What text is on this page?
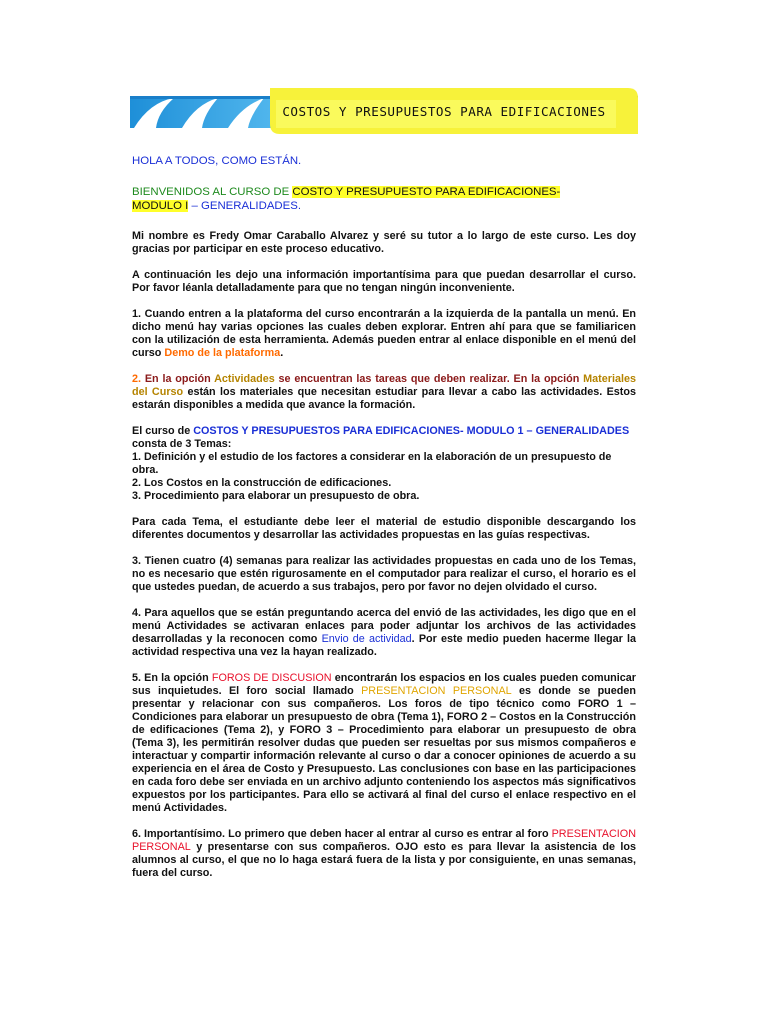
COSTOS Y PRESUPUESTOS PARA EDIFICACIONES

HOLA A TODOS, COMO ESTÁN.

BIENVENIDOS AL CURSO DE COSTO Y PRESUPUESTO PARA EDIFICACIONES-
MODULO I – GENERALIDADES.

Mi nombre es Fredy Omar Caraballo Alvarez y seré su tutor a lo largo de este curso. Les doy gracias por participar en este proceso educativo.

A continuación les dejo una información importantísima para que puedan desarrollar el curso. Por favor léanla detalladamente para que no tengan ningún inconveniente.

1. Cuando entren a la plataforma del curso encontrarán a la izquierda de la pantalla un menú. En dicho menú hay varias opciones las cuales deben explorar. Entren ahí para que se familiaricen con la utilización de esta herramienta. Además pueden entrar al enlace disponible en el menú del curso Demo de la plataforma.

2. En la opción Actividades se encuentran las tareas que deben realizar. En la opción Materiales del Curso están los materiales que necesitan estudiar para llevar a cabo las actividades. Estos estarán disponibles a medida que avance la formación.

El curso de COSTOS Y PRESUPUESTOS PARA EDIFICACIONES- MODULO 1 – GENERALIDADES consta de 3 Temas:
1. Definición y el estudio de los factores a considerar en la elaboración de un presupuesto de obra.
2. Los Costos en la construcción de edificaciones.
3. Procedimiento para elaborar un presupuesto de obra.

Para cada Tema, el estudiante debe leer el material de estudio disponible descargando los diferentes documentos y desarrollar las actividades propuestas en las guías respectivas.

3. Tienen cuatro (4) semanas para realizar las actividades propuestas en cada uno de los Temas, no es necesario que estén rigurosamente en el computador para realizar el curso, el horario es el que ustedes puedan, de acuerdo a sus trabajos, pero por favor no dejen olvidado el curso.

4. Para aquellos que se están preguntando acerca del envió de las actividades, les digo que en el menú Actividades se activaran enlaces para poder adjuntar los archivos de las actividades desarrolladas y la reconocen como Envio de actividad. Por este medio pueden hacerme llegar la actividad respectiva una vez la hayan realizado.

5. En la opción FOROS DE DISCUSION encontrarán los espacios en los cuales pueden comunicar sus inquietudes. El foro social llamado PRESENTACION PERSONAL es donde se pueden presentar y relacionar con sus compañeros. Los foros de tipo técnico como FORO 1 – Condiciones para elaborar un presupuesto de obra (Tema 1), FORO 2 – Costos en la Construcción de edificaciones (Tema 2), y FORO 3 – Procedimiento para elaborar un presupuesto de obra (Tema 3), les permitirán resolver dudas que pueden ser resueltas por sus mismos compañeros e interactuar y compartir información relevante al curso o dar a conocer opiniones de acuerdo a su experiencia en el área de Costo y Presupuesto. Las conclusiones con base en las participaciones en cada foro debe ser enviada en un archivo adjunto conteniendo los aspectos más significativos expuestos por los participantes. Para ello se activará al final del curso el enlace respectivo en el menú Actividades.

6. Importantísimo. Lo primero que deben hacer al entrar al curso es entrar al foro PRESENTACION PERSONAL y presentarse con sus compañeros. OJO esto es para llevar la asistencia de los alumnos al curso, el que no lo haga estará fuera de la lista y por consiguiente, en unas semanas, fuera del curso.
